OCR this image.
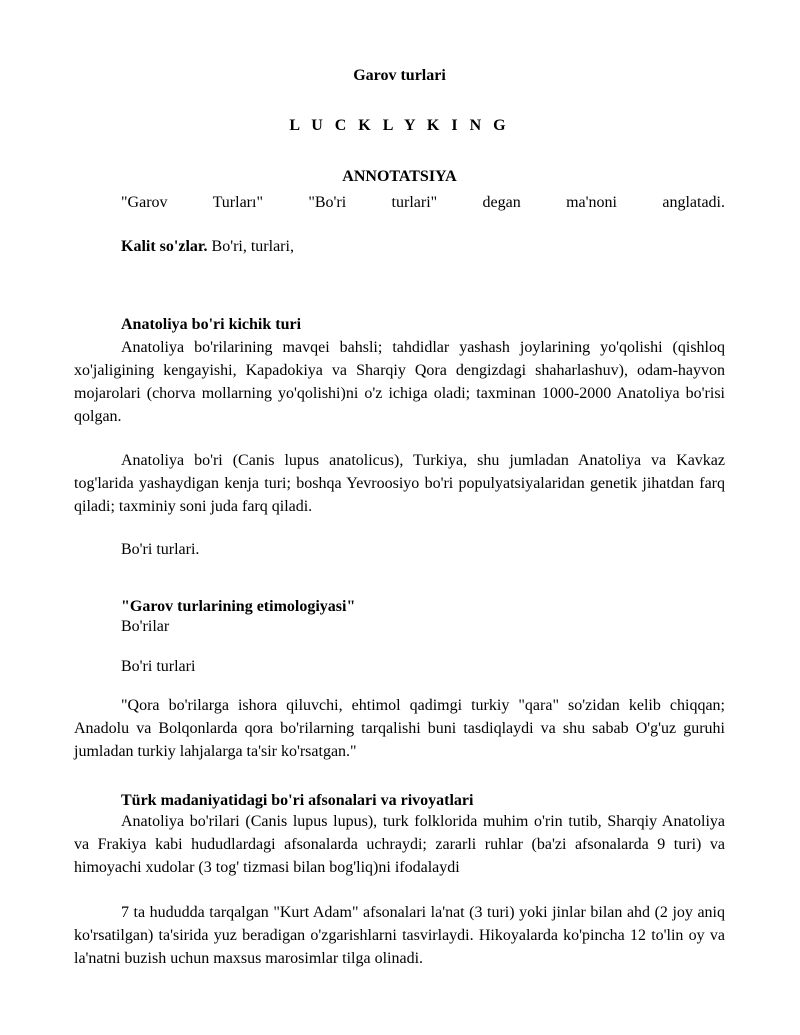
Garov turlari

L U C K L Y K I N G

ANNOTATSIYA

"Garov Turları" "Bo'ri turlari" degan ma'noni anglatadi.

Kalit so'zlar. Bo'ri, turlari,

Anatoliya bo'ri kichik turi

Anatoliya bo'rilarining mavqei bahsli; tahdidlar yashash joylarining yo'qolishi (qishloq xo'jaligining kengayishi, Kapadokiya va Sharqiy Qora dengizdagi shaharlashuv), odam-hayvon mojarolari (chorva mollarning yo'qolishi)ni o'z ichiga oladi; taxminan 1000-2000 Anatoliya bo'risi qolgan.

Anatoliya bo'ri (Canis lupus anatolicus), Turkiya, shu jumladan Anatoliya va Kavkaz tog'larida yashaydigan kenja turi; boshqa Yevroosiyo bo'ri populyatsiyalaridan genetik jihatdan farq qiladi; taxminiy soni juda farq qiladi.

Bo'ri turlari.

"Garov turlarining etimologiyasi"

Bo'rilar

Bo'ri turlari

"Qora bo'rilarga ishora qiluvchi, ehtimol qadimgi turkiy "qara" so'zidan kelib chiqqan; Anadolu va Bolqonlarda qora bo'rilarning tarqalishi buni tasdiqlaydi va shu sabab O'g'uz guruhi jumladan turkiy lahjalarga ta'sir ko'rsatgan."

Türk madaniyatidagi bo'ri afsonalari va rivoyatlari

Anatoliya bo'rilari (Canis lupus lupus), turk folklorida muhim o'rin tutib, Sharqiy Anatoliya va Frakiya kabi hududlardagi afsonalarda uchraydi; zararli ruhlar (ba'zi afsonalarda 9 turi) va himoyachi xudolar (3 tog' tizmasi bilan bog'liq)ni ifodalaydi

7 ta hududda tarqalgan "Kurt Adam" afsonalari la'nat (3 turi) yoki jinlar bilan ahd (2 joy aniq ko'rsatilgan) ta'sirida yuz beradigan o'zgarishlarni tasvirlaydi. Hikoyalarda ko'pincha 12 to'lin oy va la'natni buzish uchun maxsus marosimlar tilga olinadi.
